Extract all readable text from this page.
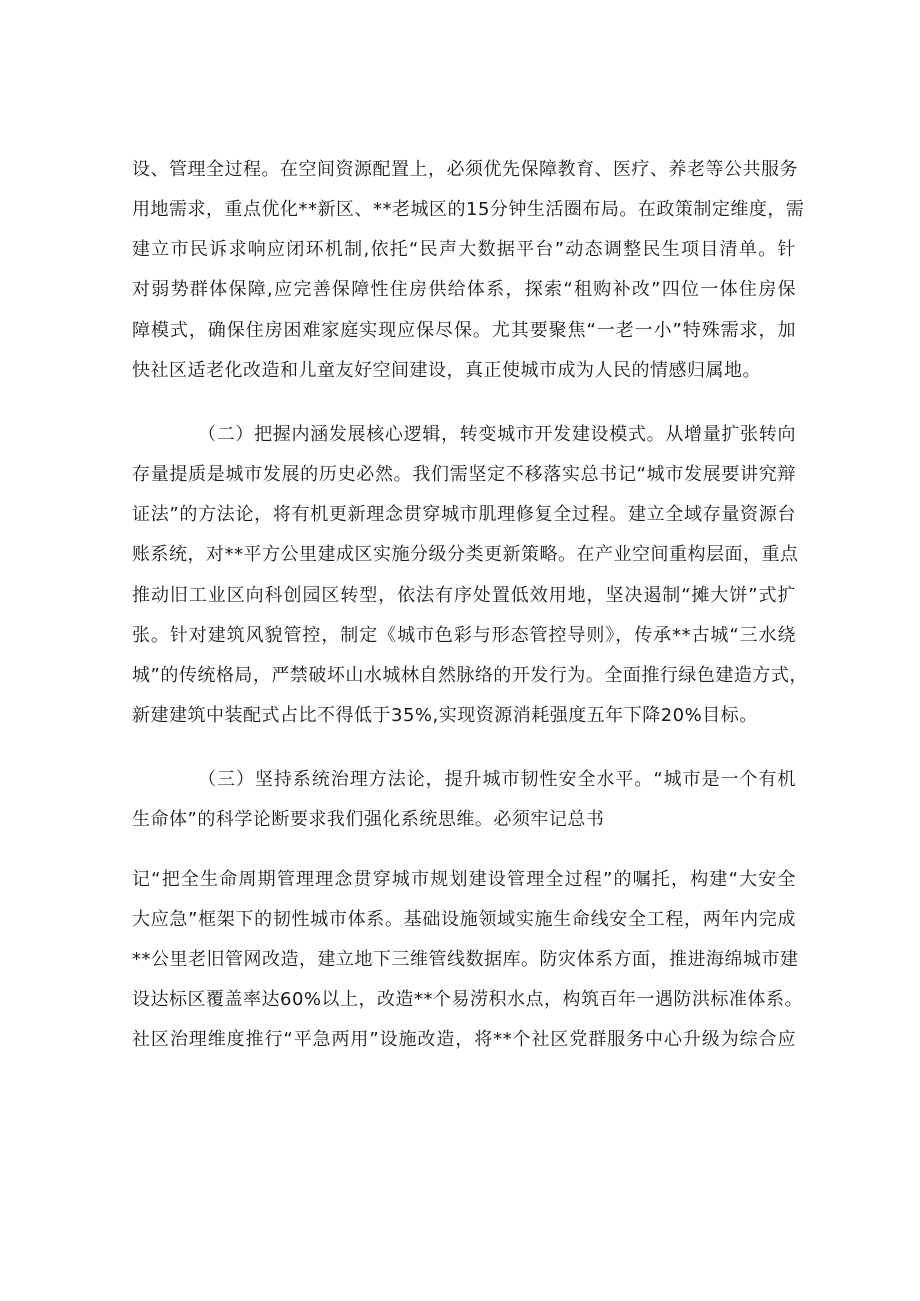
设、管理全过程。在空间资源配置上，必须优先保障教育、医疗、养老等公共服务
用地需求，重点优化**新区、**老城区的15分钟生活圈布局。在政策制定维度，需
建立市民诉求响应闭环机制,依托“民声大数据平台”动态调整民生项目清单。针
对弱势群体保障,应完善保障性住房供给体系，探索“租购补改”四位一体住房保
障模式，确保住房困难家庭实现应保尽保。尤其要聚焦“一老一小”特殊需求，加
快社区适老化改造和儿童友好空间建设，真正使城市成为人民的情感归属地。
（二）把握内涵发展核心逻辑，转变城市开发建设模式。从增量扩张转向
存量提质是城市发展的历史必然。我们需坚定不移落实总书记“城市发展要讲究辩
证法”的方法论，将有机更新理念贯穿城市肌理修复全过程。建立全域存量资源台
账系统，对**平方公里建成区实施分级分类更新策略。在产业空间重构层面，重点
推动旧工业区向科创园区转型，依法有序处置低效用地，坚决遏制“摊大饼”式扩
张。针对建筑风貌管控，制定《城市色彩与形态管控导则》，传承**古城“三水绕
城”的传统格局，严禁破坏山水城林自然脉络的开发行为。全面推行绿色建造方式，
新建建筑中装配式占比不得低于35%,实现资源消耗强度五年下降20%目标。
（三）坚持系统治理方法论，提升城市韧性安全水平。“城市是一个有机
生命体”的科学论断要求我们强化系统思维。必须牢记总书
记“把全生命周期管理理念贯穿城市规划建设管理全过程”的嘱托，构建“大安全
大应急”框架下的韧性城市体系。基础设施领域实施生命线安全工程，两年内完成
**公里老旧管网改造，建立地下三维管线数据库。防灾体系方面，推进海绵城市建
设达标区覆盖率达60%以上，改造**个易涝积水点，构筑百年一遇防洪标准体系。
社区治理维度推行“平急两用”设施改造，将**个社区党群服务中心升级为综合应
